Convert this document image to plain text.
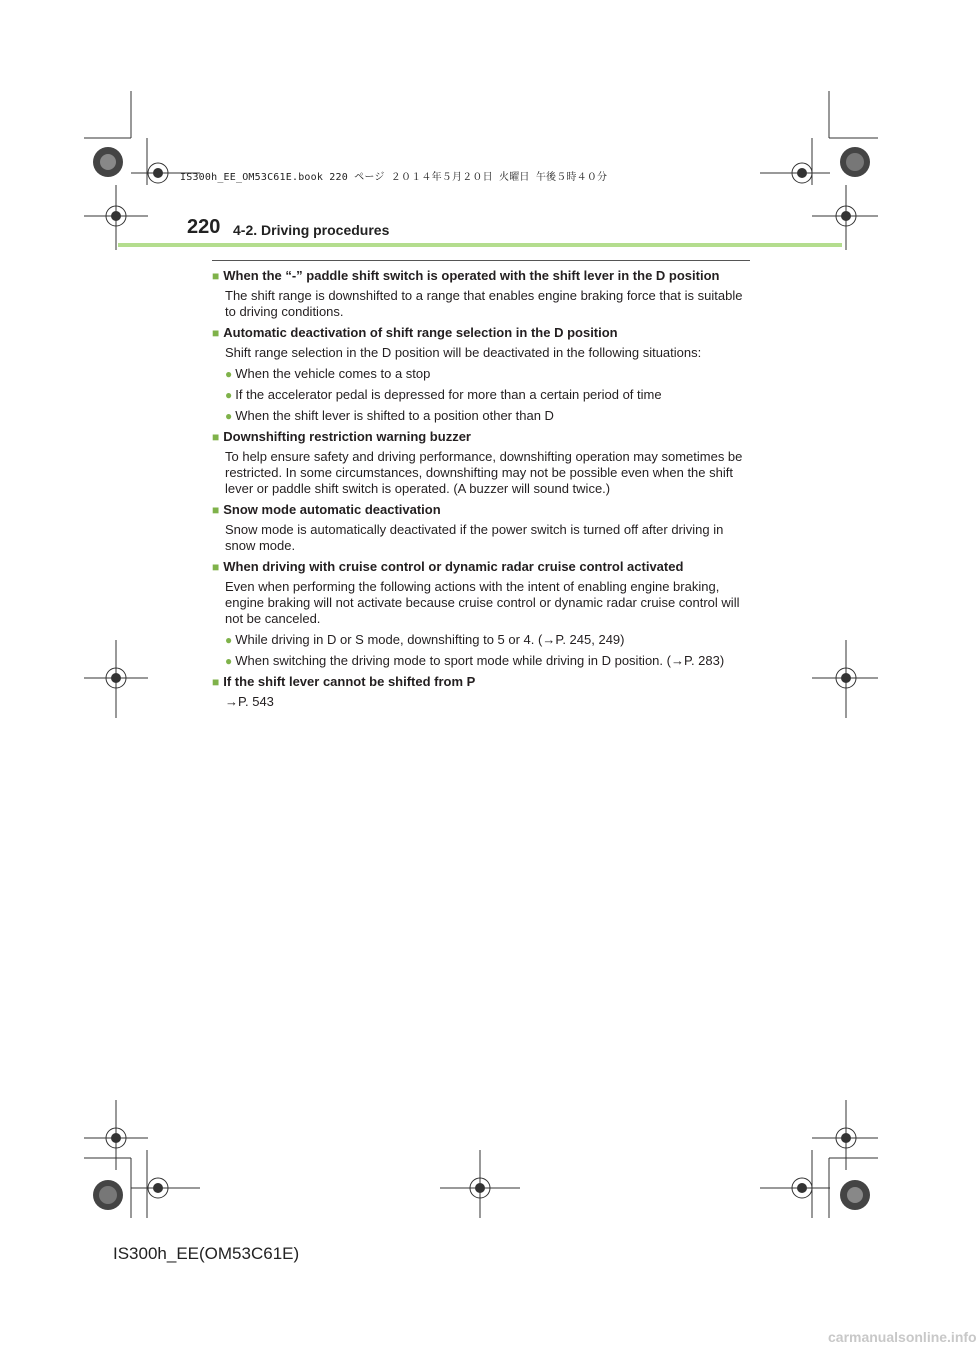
IS300h_EE_OM53C61E.book 220 ページ ２０１４年５月２０日 火曜日 午後５時４０分
220 4-2. Driving procedures
■ When the “-” paddle shift switch is operated with the shift lever in the D position
The shift range is downshifted to a range that enables engine braking force that is suitable to driving conditions.
■ Automatic deactivation of shift range selection in the D position
Shift range selection in the D position will be deactivated in the following situations:
● When the vehicle comes to a stop
● If the accelerator pedal is depressed for more than a certain period of time
● When the shift lever is shifted to a position other than D
■ Downshifting restriction warning buzzer
To help ensure safety and driving performance, downshifting operation may sometimes be restricted. In some circumstances, downshifting may not be possible even when the shift lever or paddle shift switch is operated. (A buzzer will sound twice.)
■ Snow mode automatic deactivation
Snow mode is automatically deactivated if the power switch is turned off after driving in snow mode.
■ When driving with cruise control or dynamic radar cruise control activated
Even when performing the following actions with the intent of enabling engine braking, engine braking will not activate because cruise control or dynamic radar cruise control will not be canceled.
● While driving in D or S mode, downshifting to 5 or 4. (→P. 245, 249)
● When switching the driving mode to sport mode while driving in D position. (→P. 283)
■ If the shift lever cannot be shifted from P
→P. 543
IS300h_EE(OM53C61E)
carmanualsonline.info
